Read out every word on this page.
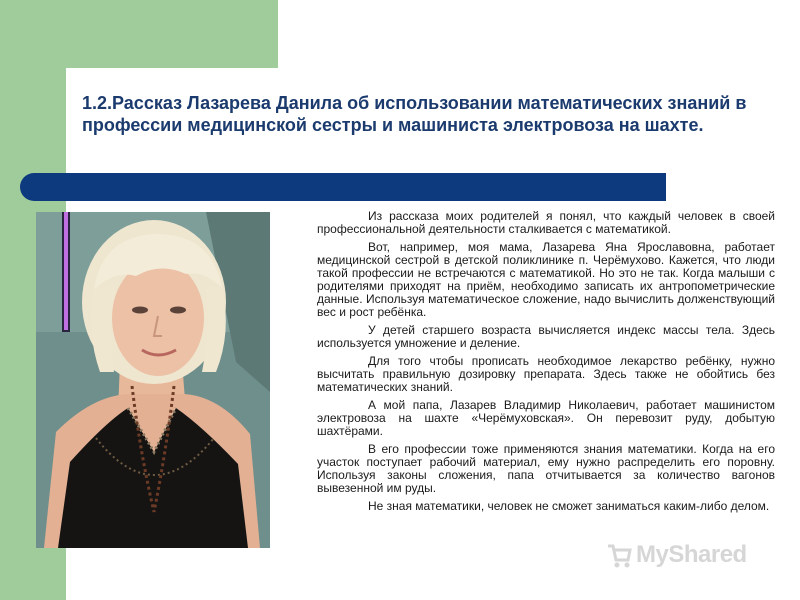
1.2.Рассказ Лазарева Данила об использовании математических знаний в профессии медицинской сестры и машиниста электровоза на шахте.

Из рассказа моих родителей я понял, что каждый человек в своей профессиональной деятельности сталкивается с математикой.

Вот, например, моя мама, Лазарева Яна Ярославовна, работает медицинской сестрой в детской поликлинике п. Черёмухово. Кажется, что люди такой профессии не встречаются с математикой. Но это не так. Когда малыши с родителями приходят на приём, необходимо записать их антропометрические данные. Используя математическое сложение, надо вычислить долженствующий вес и рост ребёнка.

У детей старшего возраста вычисляется индекс массы тела. Здесь используется умножение и деление.

Для того чтобы прописать необходимое лекарство ребёнку, нужно высчитать правильную дозировку препарата. Здесь также не обойтись без математических знаний.

А мой папа, Лазарев Владимир Николаевич, работает машинистом электровоза на шахте «Черёмуховская». Он перевозит руду, добытую шахтёрами.

В его профессии тоже применяются знания математики. Когда на его участок поступает рабочий материал, ему нужно распределить его поровну. Используя законы сложения, папа отчитывается за количество вагонов вывезенной им руды.

Не зная математики, человек не сможет заниматься каким-либо делом.

MyShared
